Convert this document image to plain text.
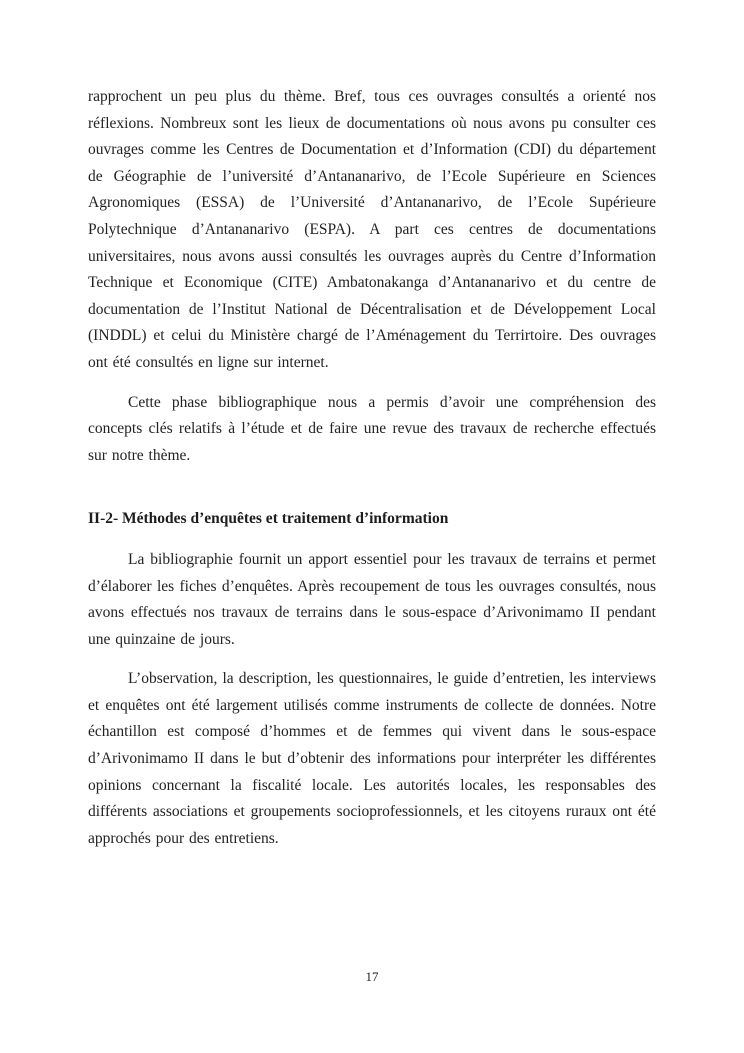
rapprochent un peu plus du thème. Bref, tous ces ouvrages consultés a orienté nos réflexions. Nombreux sont les lieux de documentations où nous avons pu consulter ces ouvrages comme les Centres de Documentation et d’Information (CDI) du département de Géographie de l’université d’Antananarivo, de l’Ecole Supérieure en Sciences Agronomiques (ESSA) de l’Université d’Antananarivo, de l’Ecole Supérieure Polytechnique d’Antananarivo (ESPA). A part ces centres de documentations universitaires, nous avons aussi consultés les ouvrages auprès du Centre d’Information Technique et Economique (CITE) Ambatonakanga d’Antananarivo et du centre de documentation de l’Institut National de Décentralisation et de Développement Local (INDDL) et celui du Ministère chargé de l’Aménagement du Terrirtoire. Des ouvrages ont été consultés en ligne sur internet.

Cette phase bibliographique nous a permis d’avoir une compréhension des concepts clés relatifs à l’étude et de faire une revue des travaux de recherche effectués sur notre thème.

II-2- Méthodes d’enquêtes et traitement d’information

La bibliographie fournit un apport essentiel pour les travaux de terrains et permet d’élaborer les fiches d’enquêtes. Après recoupement de tous les ouvrages consultés, nous avons effectués nos travaux de terrains dans le sous-espace d’Arivonimamo II pendant une quinzaine de jours.

L’observation, la description, les questionnaires, le guide d’entretien, les interviews et enquêtes ont été largement utilisés comme instruments de collecte de données. Notre échantillon est composé d’hommes et de femmes qui vivent dans le sous-espace d’Arivonimamo II dans le but d’obtenir des informations pour interpréter les différentes opinions concernant la fiscalité locale. Les autorités locales, les responsables des différents associations et groupements socioprofessionnels, et les citoyens ruraux ont été approchés pour des entretiens.

17
